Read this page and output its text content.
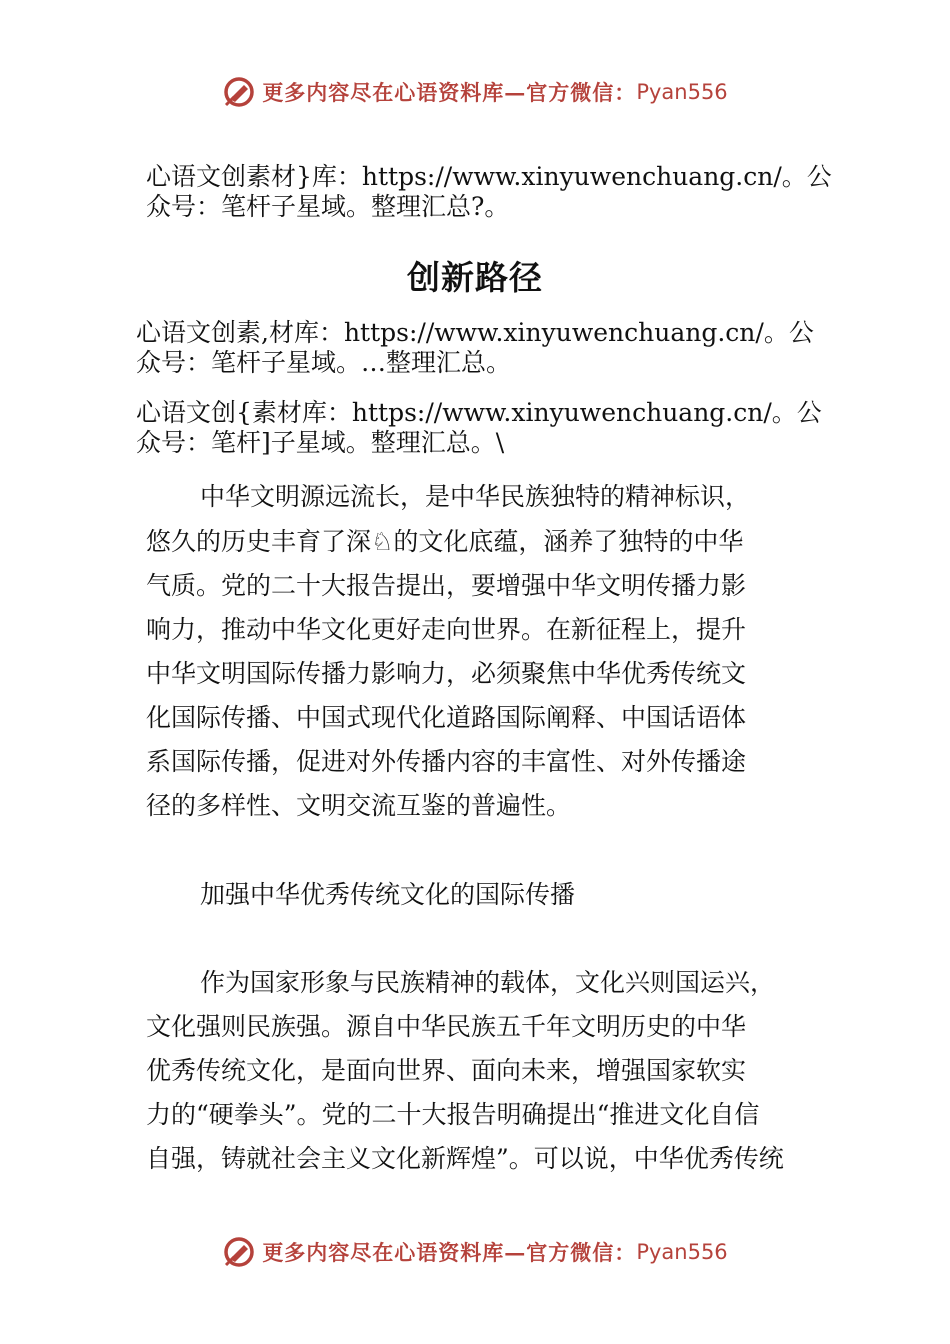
更多内容尽在心语资料库—官方微信： Pyan556
心语文创素材}库：https://www.xinyuwenchuang.cn/。公
众号：笔杆子星域。整理汇总?。
创新路径
心语文创素,材库：https://www.xinyuwenchuang.cn/。公
众号：笔杆子星域。…整理汇总。
心语文创{素材库：https://www.xinyuwenchuang.cn/。公
众号：笔杆]子星域。整理汇总。\
中华文明源远流长，是中华民族独特的精神标识，
悠久的历史丰育了深♘的文化底蕴，涵养了独特的中华
气质。党的二十大报告提出，要增强中华文明传播力影
响力，推动中华文化更好走向世界。在新征程上，提升
中华文明国际传播力影响力，必须聚焦中华优秀传统文
化国际传播、中国式现代化道路国际阐释、中国话语体
系国际传播，促进对外传播内容的丰富性、对外传播途
径的多样性、文明交流互鉴的普遍性。
加强中华优秀传统文化的国际传播
作为国家形象与民族精神的载体，文化兴则国运兴，
文化强则民族强。源自中华民族五千年文明历史的中华
优秀传统文化，是面向世界、面向未来，增强国家软实
力的“硬拳头”。党的二十大报告明确提出“推进文化自信
自强，铸就社会主义文化新辉煌”。可以说，中华优秀传统
更多内容尽在心语资料库—官方微信： Pyan556
